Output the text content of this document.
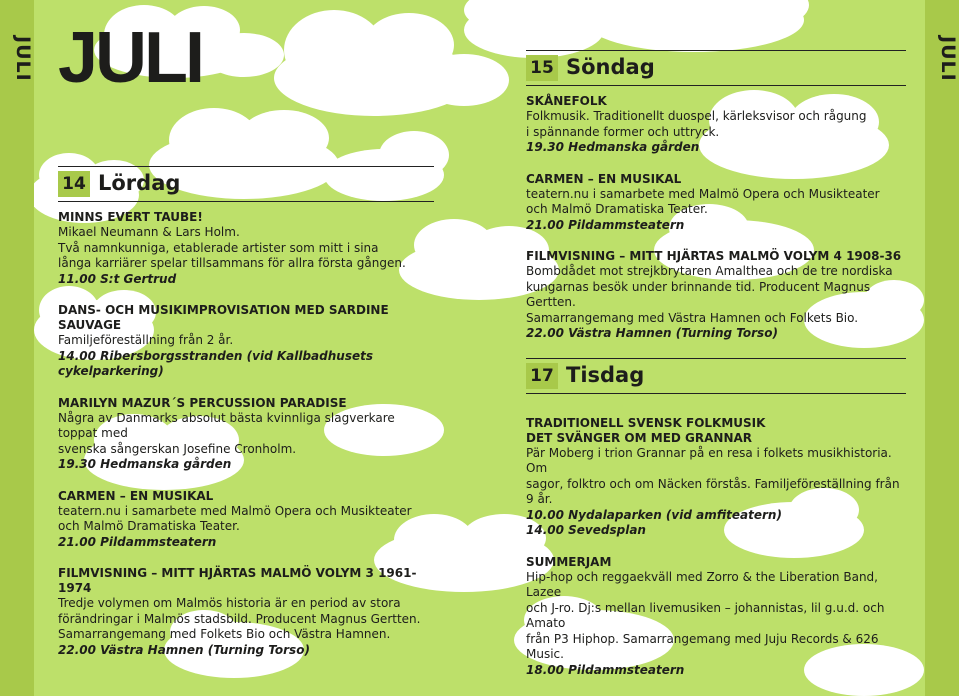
JULI	JULI
JULI
14 Lördag
MINNS EVERT TAUBE!

Mikael Neumann & Lars Holm.

Två namnkunniga, etablerade artister som mitt i sina

långa karriärer spelar tillsammans för allra första gången.

11.00 S:t Gertrud

DANS- OCH MUSIKIMPROVISATION MED SARDINE SAUVAGE

Familjeföreställning från 2 år.

14.00 Ribersborgsstranden (vid Kallbadhusets cykelparkering)

MARILYN MAZUR´S PERCUSSION PARADISE

Några av Danmarks absolut bästa kvinnliga slagverkare toppat med

svenska sångerskan Josefine Cronholm.

19.30 Hedmanska gården

CARMEN – EN MUSIKAL

teatern.nu i samarbete med Malmö Opera och Musikteater

och Malmö Dramatiska Teater.

21.00 Pildammsteatern

FILMVISNING – MITT HJÄRTAS MALMÖ VOLYM 3 1961-1974

Tredje volymen om Malmös historia är en period av stora

förändringar i Malmös stadsbild. Producent Magnus Gertten.

Samarrangemang med Folkets Bio och Västra Hamnen.

22.00 Västra Hamnen (Turning Torso)

15 Söndag
SKÅNEFOLK

Folkmusik. Traditionellt duospel, kärleksvisor och rågung

i spännande former och uttryck.

19.30 Hedmanska gården

CARMEN – EN MUSIKAL

teatern.nu i samarbete med Malmö Opera och Musikteater

och Malmö Dramatiska Teater.

21.00 Pildammsteatern

FILMVISNING – MITT HJÄRTAS MALMÖ VOLYM 4 1908-36

Bombdådet mot strejkbrytaren Amalthea och de tre nordiska

kungarnas besök under brinnande tid. Producent Magnus Gertten.

Samarrangemang med Västra Hamnen och Folkets Bio.

22.00 Västra Hamnen (Turning Torso)

17 Tisdag
TRADITIONELL SVENSK FOLKMUSIK
DET SVÄNGER OM MED GRANNAR

Pär Moberg i trion Grannar på en resa i folkets musikhistoria. Om

sagor, folktro och om Näcken förstås. Familjeföreställning från 9 år.

10.00 Nydalaparken (vid amfiteatern)

14.00 Sevedsplan

SUMMERJAM

Hip-hop och reggaekväll med Zorro & the Liberation Band, Lazee

och J-ro. Dj:s mellan livemusiken – johannistas, lil g.u.d. och Amato

från P3 Hiphop. Samarrangemang med Juju Records & 626 Music.

18.00 Pildammsteatern
